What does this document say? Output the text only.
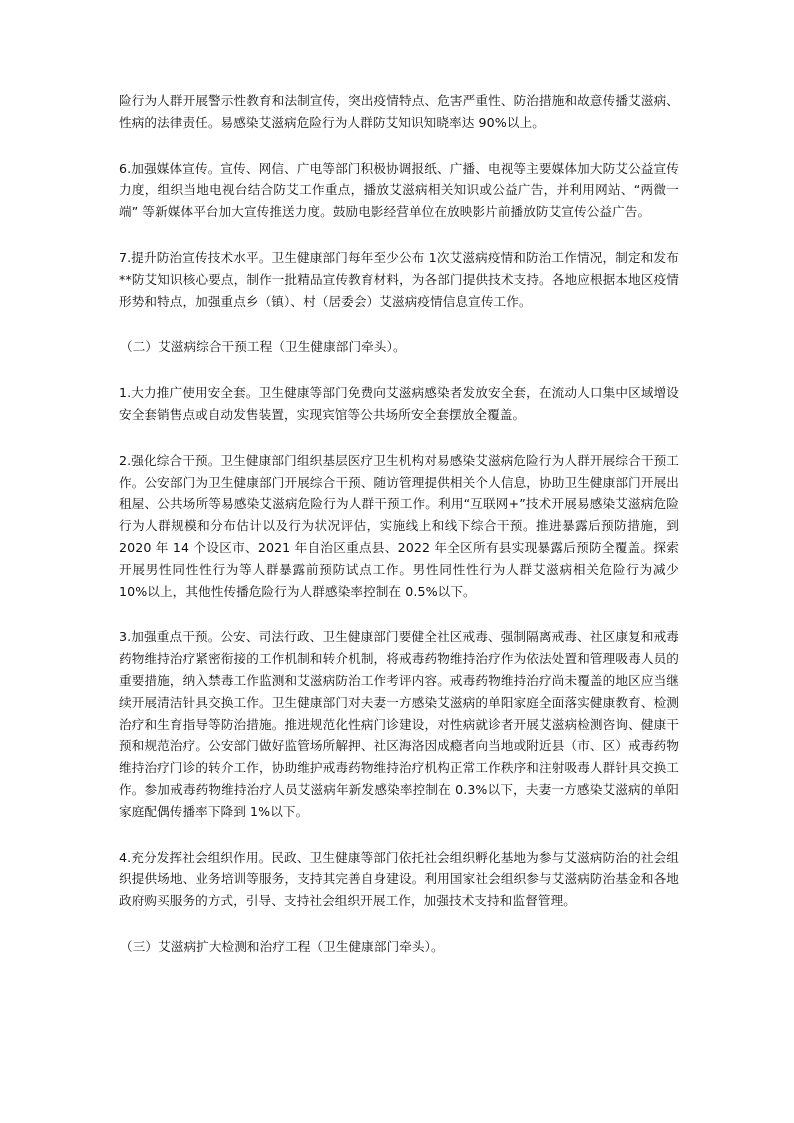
险行为人群开展警示性教育和法制宣传，突出疫情特点、危害严重性、防治措施和故意传播艾滋病、性病的法律责任。易感染艾滋病危险行为人群防艾知识知晓率达 90%以上。

6.加强媒体宣传。宣传、网信、广电等部门积极协调报纸、广播、电视等主要媒体加大防艾公益宣传力度，组织当地电视台结合防艾工作重点，播放艾滋病相关知识或公益广告，并利用网站、“两微一端” 等新媒体平台加大宣传推送力度。鼓励电影经营单位在放映影片前播放防艾宣传公益广告。

7.提升防治宣传技术水平。卫生健康部门每年至少公布 1次艾滋病疫情和防治工作情况，制定和发布**防艾知识核心要点，制作一批精品宣传教育材料，为各部门提供技术支持。各地应根据本地区疫情形势和特点，加强重点乡（镇）、村（居委会）艾滋病疫情信息宣传工作。

（二）艾滋病综合干预工程（卫生健康部门牵头）。

1.大力推广使用安全套。卫生健康等部门免费向艾滋病感染者发放安全套，在流动人口集中区域增设安全套销售点或自动发售装置，实现宾馆等公共场所安全套摆放全覆盖。

2.强化综合干预。卫生健康部门组织基层医疗卫生机构对易感染艾滋病危险行为人群开展综合干预工作。公安部门为卫生健康部门开展综合干预、随访管理提供相关个人信息，协助卫生健康部门开展出租屋、公共场所等易感染艾滋病危险行为人群干预工作。利用“互联网+”技术开展易感染艾滋病危险行为人群规模和分布估计以及行为状况评估，实施线上和线下综合干预。推进暴露后预防措施，到 2020 年 14 个设区市、2021 年自治区重点县、2022 年全区所有县实现暴露后预防全覆盖。探索开展男性同性性行为等人群暴露前预防试点工作。男性同性性行为人群艾滋病相关危险行为减少 10%以上，其他性传播危险行为人群感染率控制在 0.5%以下。

3.加强重点干预。公安、司法行政、卫生健康部门要健全社区戒毒、强制隔离戒毒、社区康复和戒毒药物维持治疗紧密衔接的工作机制和转介机制，将戒毒药物维持治疗作为依法处置和管理吸毒人员的重要措施，纳入禁毒工作监测和艾滋病防治工作考评内容。戒毒药物维持治疗尚未覆盖的地区应当继续开展清洁针具交换工作。卫生健康部门对夫妻一方感染艾滋病的单阳家庭全面落实健康教育、检测治疗和生育指导等防治措施。推进规范化性病门诊建设，对性病就诊者开展艾滋病检测咨询、健康干预和规范治疗。公安部门做好监管场所解押、社区海洛因成瘾者向当地或附近县（市、区）戒毒药物维持治疗门诊的转介工作，协助维护戒毒药物维持治疗机构正常工作秩序和注射吸毒人群针具交换工作。参加戒毒药物维持治疗人员艾滋病年新发感染率控制在 0.3%以下，夫妻一方感染艾滋病的单阳家庭配偶传播率下降到 1%以下。

4.充分发挥社会组织作用。民政、卫生健康等部门依托社会组织孵化基地为参与艾滋病防治的社会组织提供场地、业务培训等服务，支持其完善自身建设。利用国家社会组织参与艾滋病防治基金和各地政府购买服务的方式，引导、支持社会组织开展工作，加强技术支持和监督管理。

（三）艾滋病扩大检测和治疗工程（卫生健康部门牵头）。
